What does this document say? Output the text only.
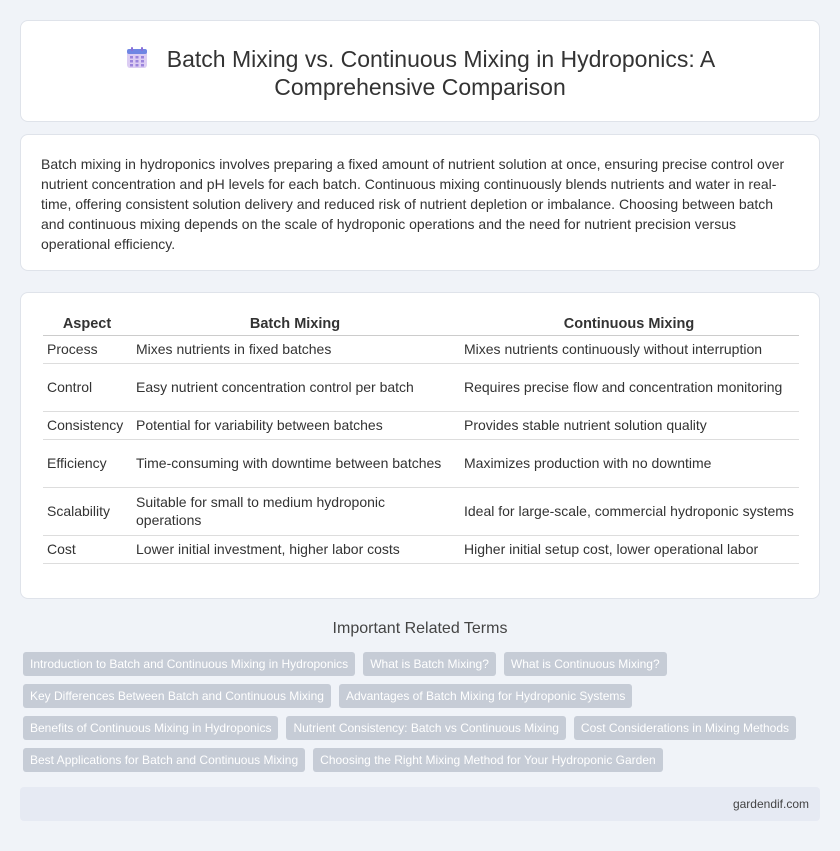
Batch Mixing vs. Continuous Mixing in Hydroponics: A Comprehensive Comparison

Batch mixing in hydroponics involves preparing a fixed amount of nutrient solution at once, ensuring precise control over nutrient concentration and pH levels for each batch. Continuous mixing continuously blends nutrients and water in real-time, offering consistent solution delivery and reduced risk of nutrient depletion or imbalance. Choosing between batch and continuous mixing depends on the scale of hydroponic operations and the need for nutrient precision versus operational efficiency.

Aspect	Batch Mixing	Continuous Mixing
Process	Mixes nutrients in fixed batches	Mixes nutrients continuously without interruption
Control	Easy nutrient concentration control per batch	Requires precise flow and concentration monitoring
Consistency	Potential for variability between batches	Provides stable nutrient solution quality
Efficiency	Time-consuming with downtime between batches	Maximizes production with no downtime
Scalability	Suitable for small to medium hydroponic operations	Ideal for large-scale, commercial hydroponic systems
Cost	Lower initial investment, higher labor costs	Higher initial setup cost, lower operational labor
Important Related Terms
Introduction to Batch and Continuous Mixing in Hydroponics What is Batch Mixing? What is Continuous Mixing?
Key Differences Between Batch and Continuous Mixing Advantages of Batch Mixing for Hydroponic Systems
Benefits of Continuous Mixing in Hydroponics Nutrient Consistency: Batch vs Continuous Mixing Cost Considerations in Mixing Methods
Best Applications for Batch and Continuous Mixing Choosing the Right Mixing Method for Your Hydroponic Garden
gardendif.com
